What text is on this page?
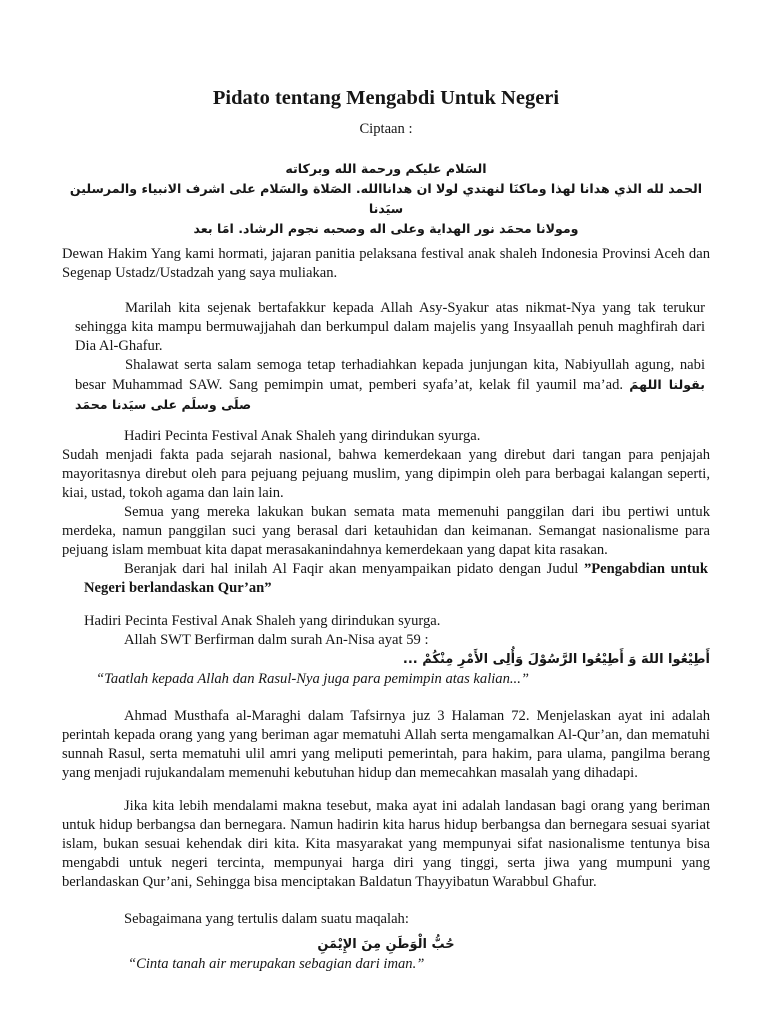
Pidato tentang Mengabdi Untuk Negeri

Ciptaan :

السَلام عليكم ورحمة الله وبركاته
الحمد لله الذي هدانا لهذا وماكنَا لنهتدي لولا ان هداناالله. الصَلاة والسَلام على اشرف الانبياء والمرسلين سيَدنا
ومولانا محمَد نور الهداية وعلى اله وصحبه نجوم الرشاد. امَا بعد

Dewan Hakim Yang kami hormati, jajaran panitia pelaksana festival anak shaleh Indonesia Provinsi Aceh dan Segenap Ustadz/Ustadzah yang saya muliakan.

Marilah kita sejenak bertafakkur kepada Allah Asy-Syakur atas nikmat-Nya yang tak terukur sehingga kita mampu bermuwajjahah dan berkumpul dalam majelis yang Insyaallah penuh maghfirah dari Dia Al-Ghafur.

Shalawat serta salam semoga tetap terhadiahkan kepada junjungan kita, Nabiyullah agung, nabi besar Muhammad SAW. Sang pemimpin umat, pemberi syafa’at, kelak fil yaumil ma’ad. بقولنا اللهمَ صلَى وسلَم على سيَدنا محمَد

Hadiri Pecinta Festival Anak Shaleh yang dirindukan syurga.

Sudah menjadi fakta pada sejarah nasional, bahwa kemerdekaan yang direbut dari tangan para penjajah mayoritasnya direbut oleh para pejuang pejuang muslim, yang dipimpin oleh para berbagai kalangan seperti, kiai, ustad, tokoh agama dan lain lain.

Semua yang mereka lakukan bukan semata mata memenuhi panggilan dari ibu pertiwi untuk merdeka, namun panggilan suci yang berasal dari ketauhidan dan keimanan. Semangat nasionalisme para pejuang islam membuat kita dapat merasakanindahnya kemerdekaan yang dapat kita rasakan.

Beranjak dari hal inilah Al Faqir akan menyampaikan pidato dengan Judul ”Pengabdian untuk Negeri berlandaskan Qur’an”

Hadiri Pecinta Festival Anak Shaleh yang dirindukan syurga.

Allah SWT Berfirman dalm surah An-Nisa ayat 59 :

أَطِيْعُوا اللهَ وَ أَطِيْعُوا الرَّسُوْلَ وَأُلِى الأَمْرِ مِنْكُمْ ...

“Taatlah kepada Allah dan Rasul-Nya juga para pemimpin atas kalian...”

Ahmad Musthafa al-Maraghi dalam Tafsirnya juz 3 Halaman 72. Menjelaskan ayat ini adalah perintah kepada orang yang yang beriman agar mematuhi Allah serta mengamalkan Al-Qur’an, dan mematuhi sunnah Rasul, serta mematuhi ulil amri yang meliputi pemerintah, para hakim, para ulama, pangilma berang yang menjadi rujukandalam memenuhi kebutuhan hidup dan memecahkan masalah yang dihadapi.

Jika kita lebih mendalami makna tesebut, maka ayat ini adalah landasan bagi orang yang beriman untuk hidup berbangsa dan bernegara. Namun hadirin kita harus hidup berbangsa dan bernegara sesuai syariat islam, bukan sesuai kehendak diri kita. Kita masyarakat yang mempunyai sifat nasionalisme tentunya bisa mengabdi untuk negeri tercinta, mempunyai harga diri yang tinggi, serta jiwa yang mumpuni yang berlandaskan Qur’ani, Sehingga bisa menciptakan Baldatun Thayyibatun Warabbul Ghafur.

Sebagaimana yang tertulis dalam suatu maqalah:

حُبُّ الْوَطَنِ مِنَ الإِيْمَنِ

“Cinta tanah air merupakan sebagian dari iman.”
